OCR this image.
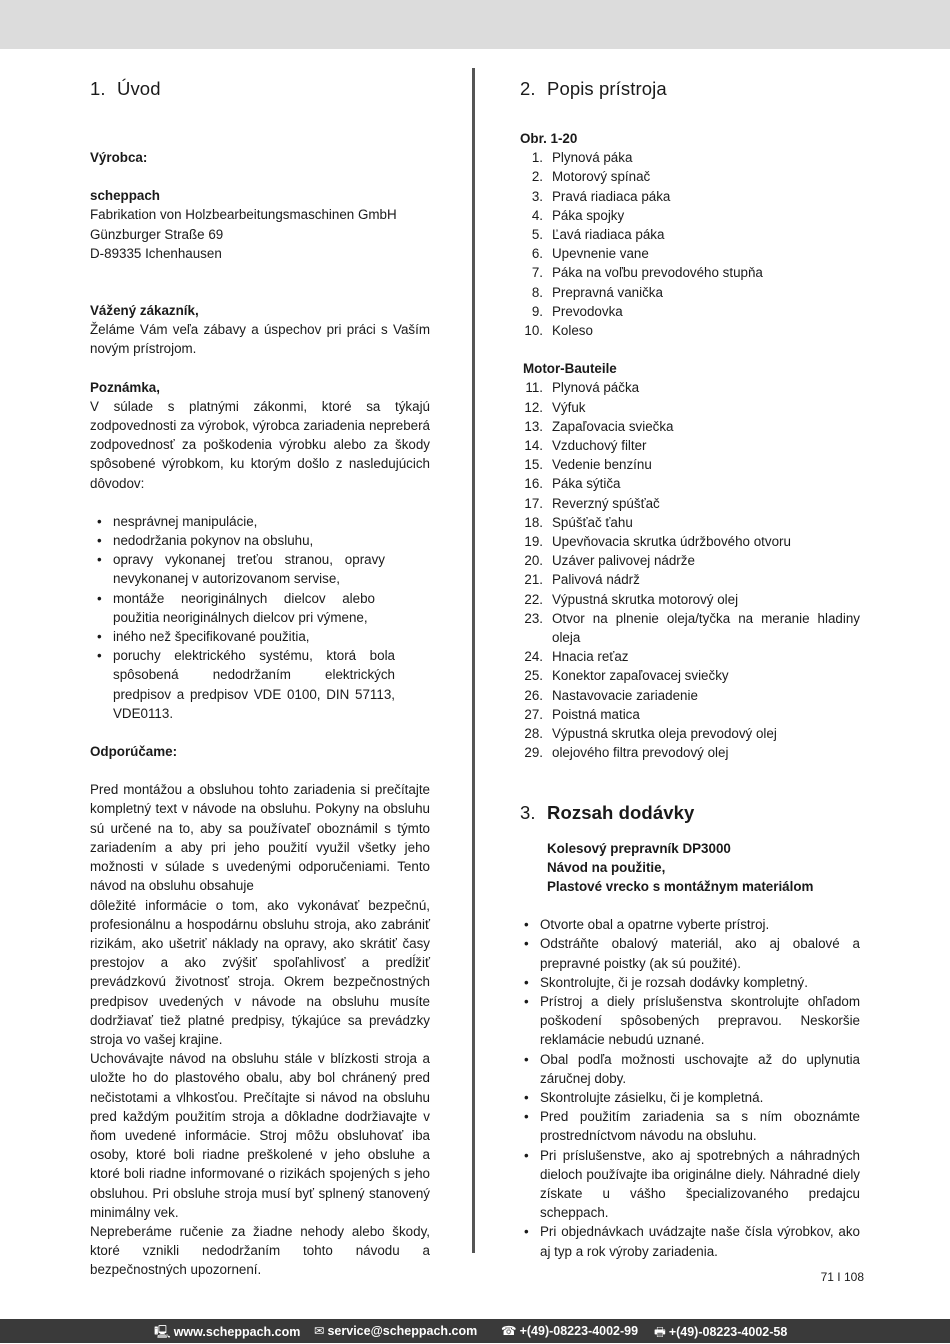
1. Úvod

Výrobca:

scheppach

Fabrikation von Holzbearbeitungsmaschinen GmbH

Günzburger Straße 69

D-89335 Ichenhausen

Vážený zákazník,

Želáme Vám veľa zábavy a úspechov pri práci s Vaším novým prístrojom.

Poznámka,

V súlade s platnými zákonmi, ktoré sa týkajú zodpovednosti za výrobok, výrobca zariadenia nepreberá zodpovednosť za poškodenia výrobku alebo za škody spôsobené výrobkom, ku ktorým došlo z nasledujúcich dôvodov:

• nesprávnej manipulácie,
• nedodržania pokynov na obsluhu,
• opravy vykonanej treťou stranou, opravy nevykonanej v autorizovanom servise,
• montáže neoriginálnych dielcov alebo použitia neoriginálnych dielcov pri výmene,
• iného než špecifikované použitia,
• poruchy elektrického systému, ktorá bola spôsobená nedodržaním elektrických predpisov a predpisov VDE 0100, DIN 57113, VDE0113.

Odporúčame:

Pred montážou a obsluhou tohto zariadenia si prečítajte kompletný text v návode na obsluhu. Pokyny na obsluhu sú určené na to, aby sa používateľ oboznámil s týmto zariadením a aby pri jeho použití využil všetky jeho možnosti v súlade s uvedenými odporučeniami. Tento návod na obsluhu obsahuje

dôležité informácie o tom, ako vykonávať bezpečnú, profesionálnu a hospodárnu obsluhu stroja, ako zabrániť rizikám, ako ušetriť náklady na opravy, ako skrátiť časy prestojov a ako zvýšiť spoľahlivosť a predĺžiť prevádzkovú životnosť stroja. Okrem bezpečnostných predpisov uvedených v návode na obsluhu musíte dodržiavať tiež platné predpisy, týkajúce sa prevádzky stroja vo vašej krajine.

Uchovávajte návod na obsluhu stále v blízkosti stroja a uložte ho do plastového obalu, aby bol chránený pred nečistotami a vlhkosťou. Prečítajte si návod na obsluhu pred každým použitím stroja a dôkladne dodržiavajte v ňom uvedené informácie. Stroj môžu obsluhovať iba osoby, ktoré boli riadne preškolené v jeho obsluhe a ktoré boli riadne informované o rizikách spojených s jeho obsluhou. Pri obsluhe stroja musí byť splnený stanovený minimálny vek.

Nepreberáme ručenie za žiadne nehody alebo škody, ktoré vznikli nedodržaním tohto návodu a bezpečnostných upozornení.

2. Popis prístroja

Obr. 1-20

1. Plynová páka
2. Motorový spínač
3. Pravá riadiaca páka
4. Páka spojky
5. Ľavá riadiaca páka
6. Upevnenie vane
7. Páka na voľbu prevodového stupňa
8. Prepravná vanička
9. Prevodovka
10. Koleso

Motor-Bauteile

11. Plynová páčka
12. Výfuk
13. Zapaľovacia sviečka
14. Vzduchový filter
15. Vedenie benzínu
16. Páka sýtiča
17. Reverzný spúšťač
18. Spúšťač ťahu
19. Upevňovacia skrutka údržbového otvoru
20. Uzáver palivovej nádrže
21. Palivová nádrž
22. Výpustná skrutka motorový olej
23. Otvor na plnenie oleja/tyčka na meranie hladiny oleja
24. Hnacia reťaz
25. Konektor zapaľovacej sviečky
26. Nastavovacie zariadenie
27. Poistná matica
28. Výpustná skrutka oleja prevodový olej
29. olejového filtra prevodový olej
3. Rozsah dodávky

Kolesový prepravník DP3000

Návod na použitie,

Plastové vrecko s montážnym materiálom

• Otvorte obal a opatrne vyberte prístroj.
• Odstráňte obalový materiál, ako aj obalové a prepravné poistky (ak sú použité).
• Skontrolujte, či je rozsah dodávky kompletný.
• Prístroj a diely príslušenstva skontrolujte ohľadom poškodení spôsobených prepravou. Neskoršie reklamácie nebudú uznané.
• Obal podľa možnosti uschovajte až do uplynutia záručnej doby.
• Skontrolujte zásielku, či je kompletná.
• Pred použitím zariadenia sa s ním oboznámte prostredníctvom návodu na obsluhu.
• Pri príslušenstve, ako aj spotrebných a náhradných dieloch používajte iba originálne diely. Náhradné diely získate u vášho špecializovaného predajcu scheppach.
• Pri objednávkach uvádzajte naše čísla výrobkov, ako aj typ a rok výroby zariadenia.
71 I 108
🖳 www.scheppach.com ✉ service@scheppach.com ☎ +(49)-08223-4002-99 🖶 +(49)-08223-4002-58
